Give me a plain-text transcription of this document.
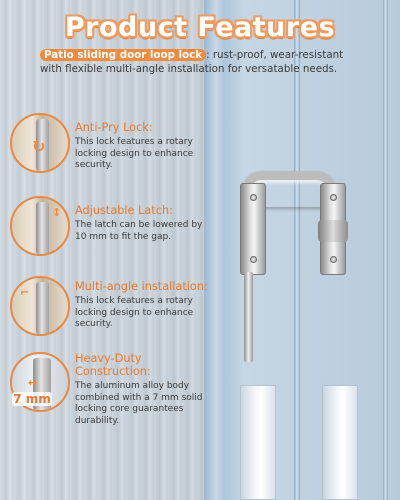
Product Features
Patio sliding door loop lock : rust-proof, wear-resistant with flexible multi-angle installation for versatable needs.
↻
↕
⌐
↔
7 mm
Anti-Pry Lock:
This lock features a rotary locking design to enhance security.
Adjustable Latch:
The latch can be lowered by 10 mm to fit the gap.
Multi-angle installation:
This lock features a rotary locking design to enhance security.
Heavy-Duty Construction:
The aluminum alloy body combined with a 7 mm solid locking core guarantees durability.
